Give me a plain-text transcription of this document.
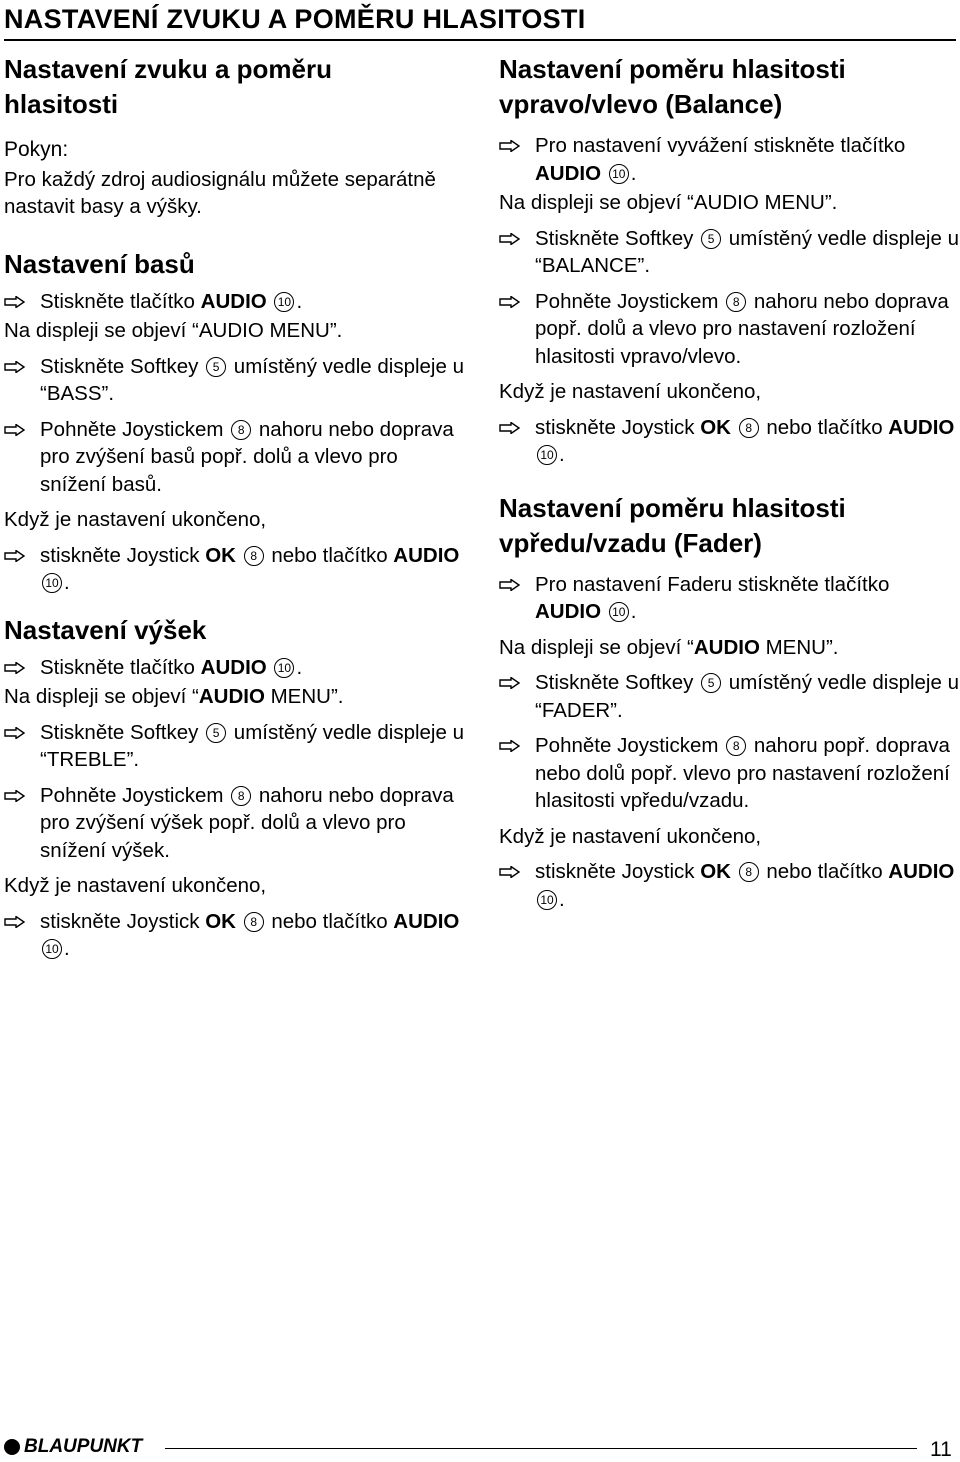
NASTAVENÍ ZVUKU A POMĚRU HLASITOSTI
Nastavení zvuku a poměru hlasitosti
Pokyn:
Pro každý zdroj audiosignálu můžete separátně nastavit basy a výšky.
Nastavení basů
Stiskněte tlačítko AUDIO 10 .
Na displeji se objeví “AUDIO MENU”.
Stiskněte Softkey 5 umístěný vedle displeje u “BASS”.
Pohněte Joystickem 8 nahoru nebo doprava pro zvýšení basů popř. dolů a vlevo pro snížení basů.
Když je nastavení ukončeno,
stiskněte Joystick OK 8 nebo tlačítko AUDIO 10 .
Nastavení výšek
Stiskněte tlačítko AUDIO 10 .
Na displeji se objeví “AUDIO MENU”.
Stiskněte Softkey 5 umístěný vedle displeje u “TREBLE”.
Pohněte Joystickem 8 nahoru nebo doprava pro zvýšení výšek popř. dolů a vlevo pro snížení výšek.
Když je nastavení ukončeno,
stiskněte Joystick OK 8 nebo tlačítko AUDIO 10 .
Nastavení poměru hlasitosti vpravo/vlevo (Balance)
Pro nastavení vyvážení stiskněte tlačítko AUDIO 10 .
Na displeji se objeví “AUDIO MENU”.
Stiskněte Softkey 5 umístěný vedle displeje u “BALANCE”.
Pohněte Joystickem 8 nahoru nebo doprava popř. dolů a vlevo pro nastavení rozložení hlasitosti vpravo/vlevo.
Když je nastavení ukončeno,
stiskněte Joystick OK 8 nebo tlačítko AUDIO 10 .
Nastavení poměru hlasitosti vpředu/vzadu (Fader)
Pro nastavení Faderu stiskněte tlačítko AUDIO 10 .
Na displeji se objeví “AUDIO MENU”.
Stiskněte Softkey 5 umístěný vedle displeje u “FADER”.
Pohněte Joystickem 8 nahoru popř. doprava nebo dolů popř. vlevo pro nastavení rozložení hlasitosti vpředu/vzadu.
Když je nastavení ukončeno,
stiskněte Joystick OK 8 nebo tlačítko AUDIO 10 .
BLAUPUNKT	11
